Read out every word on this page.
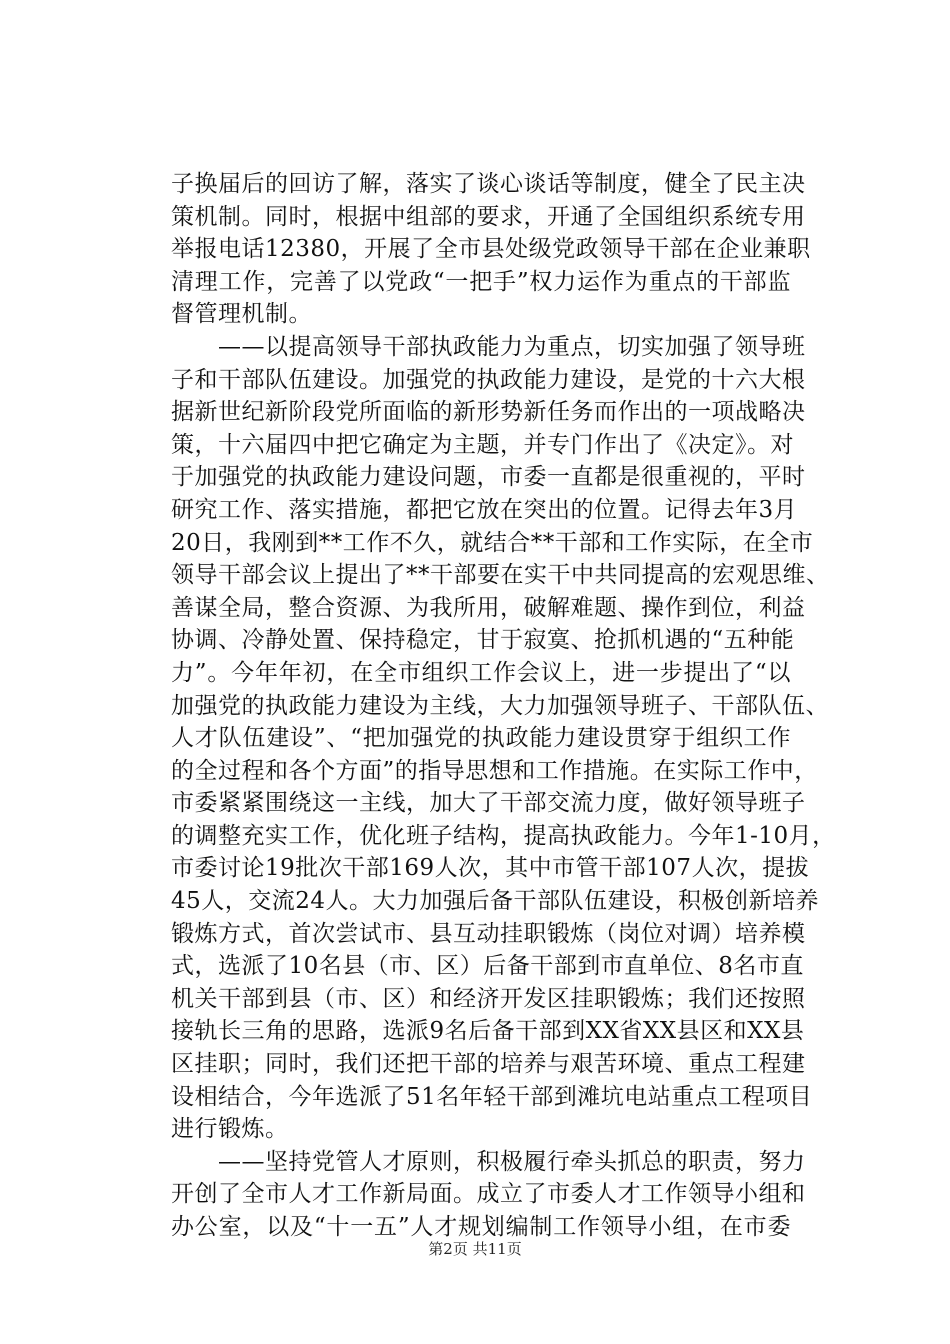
子换届后的回访了解，落实了谈心谈话等制度，健全了民主决
策机制。同时，根据中组部的要求，开通了全国组织系统专用
举报电话12380，开展了全市县处级党政领导干部在企业兼职
清理工作，完善了以党政“一把手”权力运作为重点的干部监
督管理机制。
　　——以提高领导干部执政能力为重点，切实加强了领导班
子和干部队伍建设。加强党的执政能力建设，是党的十六大根
据新世纪新阶段党所面临的新形势新任务而作出的一项战略决
策，十六届四中把它确定为主题，并专门作出了《决定》。对
于加强党的执政能力建设问题，市委一直都是很重视的，平时
研究工作、落实措施，都把它放在突出的位置。记得去年3月
20日，我刚到**工作不久，就结合**干部和工作实际，在全市
领导干部会议上提出了**干部要在实干中共同提高的宏观思维、
善谋全局，整合资源、为我所用，破解难题、操作到位，利益
协调、冷静处置、保持稳定，甘于寂寞、抢抓机遇的“五种能
力”。今年年初，在全市组织工作会议上，进一步提出了“以
加强党的执政能力建设为主线，大力加强领导班子、干部队伍、
人才队伍建设”、“把加强党的执政能力建设贯穿于组织工作
的全过程和各个方面”的指导思想和工作措施。在实际工作中，
市委紧紧围绕这一主线，加大了干部交流力度，做好领导班子
的调整充实工作，优化班子结构，提高执政能力。今年1-10月，
市委讨论19批次干部169人次，其中市管干部107人次，提拔
45人，交流24人。大力加强后备干部队伍建设，积极创新培养
锻炼方式，首次尝试市、县互动挂职锻炼（岗位对调）培养模
式，选派了10名县（市、区）后备干部到市直单位、8名市直
机关干部到县（市、区）和经济开发区挂职锻炼；我们还按照
接轨长三角的思路，选派9名后备干部到XX省XX县区和XX县
区挂职；同时，我们还把干部的培养与艰苦环境、重点工程建
设相结合，今年选派了51名年轻干部到滩坑电站重点工程项目
进行锻炼。
　　——坚持党管人才原则，积极履行牵头抓总的职责，努力
开创了全市人才工作新局面。成立了市委人才工作领导小组和
办公室，以及“十一五”人才规划编制工作领导小组，在市委
第2页 共11页
